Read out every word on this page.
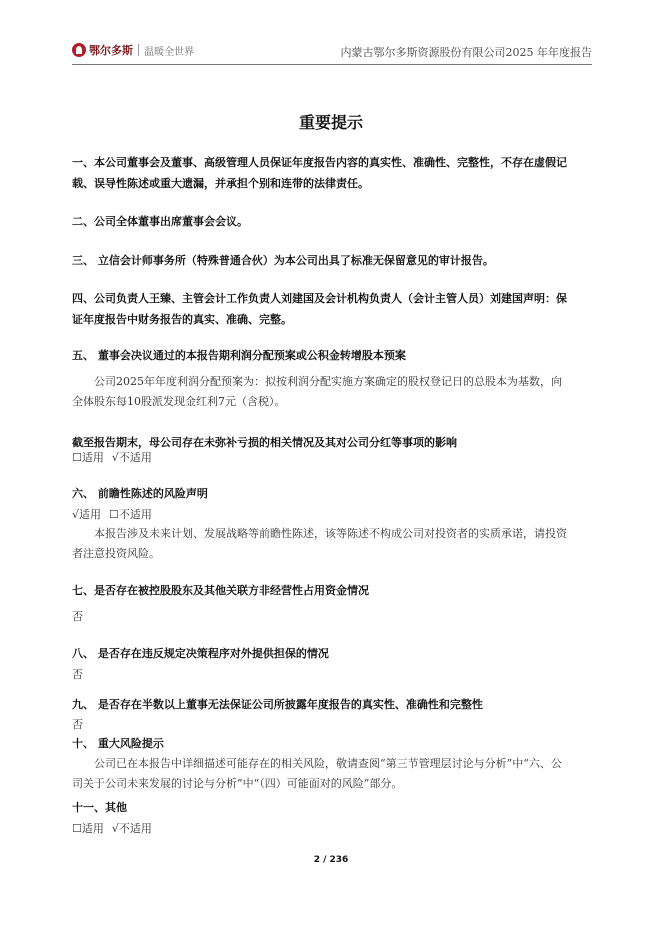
鄂尔多斯 温暖全世界	内蒙古鄂尔多斯资源股份有限公司2025 年年度报告
重要提示
一、本公司董事会及董事、高级管理人员保证年度报告内容的真实性、准确性、完整性，不存在虚假记载、误导性陈述或重大遗漏，并承担个别和连带的法律责任。
二、公司全体董事出席董事会会议。
三、 立信会计师事务所（特殊普通合伙）为本公司出具了标准无保留意见的审计报告。
四、公司负责人王臻、主管会计工作负责人刘建国及会计机构负责人（会计主管人员）刘建国声明：保证年度报告中财务报告的真实、准确、完整。
五、 董事会决议通过的本报告期利润分配预案或公积金转增股本预案
公司2025年年度利润分配预案为：拟按利润分配实施方案确定的股权登记日的总股本为基数，向全体股东每10股派发现金红利7元（含税）。
截至报告期末，母公司存在未弥补亏损的相关情况及其对公司分红等事项的影响
☐适用 √不适用
六、 前瞻性陈述的风险声明
√适用 ☐不适用
本报告涉及未来计划、发展战略等前瞻性陈述，该等陈述不构成公司对投资者的实质承诺，请投资者注意投资风险。
七、是否存在被控股股东及其他关联方非经营性占用资金情况
否
八、 是否存在违反规定决策程序对外提供担保的情况
否
九、 是否存在半数以上董事无法保证公司所披露年度报告的真实性、准确性和完整性
否
十、 重大风险提示
公司已在本报告中详细描述可能存在的相关风险，敬请查阅“第三节管理层讨论与分析”中“六、公司关于公司未来发展的讨论与分析”中“（四）可能面对的风险”部分。
十一、其他
☐适用 √不适用
2 / 236
